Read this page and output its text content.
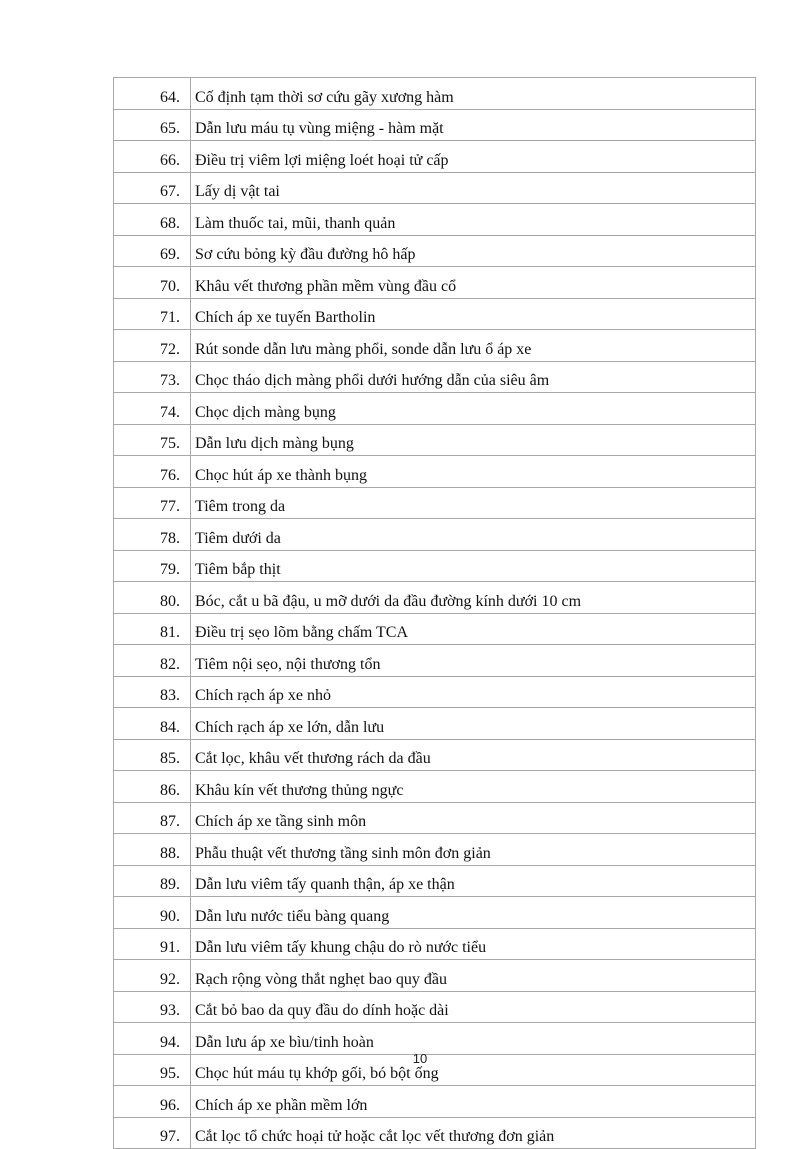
64.	Cố định tạm thời sơ cứu gãy xương hàm
65.	Dẫn lưu máu tụ vùng miệng - hàm mặt
66.	Điều trị viêm lợi miệng loét hoại tử cấp
67.	Lấy dị vật tai
68.	Làm thuốc tai, mũi, thanh quản
69.	Sơ cứu bỏng kỳ đầu đường hô hấp
70.	Khâu vết thương phần mềm vùng đầu cổ
71.	Chích áp xe tuyến Bartholin
72.	Rút sonde dẫn lưu màng phổi, sonde dẫn lưu ổ áp xe
73.	Chọc tháo dịch màng phổi dưới hướng dẫn của siêu âm
74.	Chọc dịch màng bụng
75.	Dẫn lưu dịch màng bụng
76.	Chọc hút áp xe thành bụng
77.	Tiêm trong da
78.	Tiêm dưới da
79.	Tiêm bắp thịt
80.	Bóc, cắt u bã đậu, u mỡ dưới da đầu đường kính dưới 10 cm
81.	Điều trị sẹo lõm bằng chấm TCA
82.	Tiêm nội sẹo, nội thương tổn
83.	Chích rạch áp xe nhỏ
84.	Chích rạch áp xe lớn, dẫn lưu
85.	Cắt lọc, khâu vết thương rách da đầu
86.	Khâu kín vết thương thủng ngực
87.	Chích áp xe tầng sinh môn
88.	Phẫu thuật vết thương tầng sinh môn đơn giản
89.	Dẫn lưu viêm tấy quanh thận, áp xe thận
90.	Dẫn lưu nước tiểu bàng quang
91.	Dẫn lưu viêm tấy khung chậu do rò nước tiểu
92.	Rạch rộng vòng thắt nghẹt bao quy đầu
93.	Cắt bỏ bao da quy đầu do dính hoặc dài
94.	Dẫn lưu áp xe bìu/tinh hoàn
95.	Chọc hút máu tụ khớp gối, bó bột ống
96.	Chích áp xe phần mềm lớn
97.	Cắt lọc tổ chức hoại tử hoặc cắt lọc vết thương đơn giản
10
